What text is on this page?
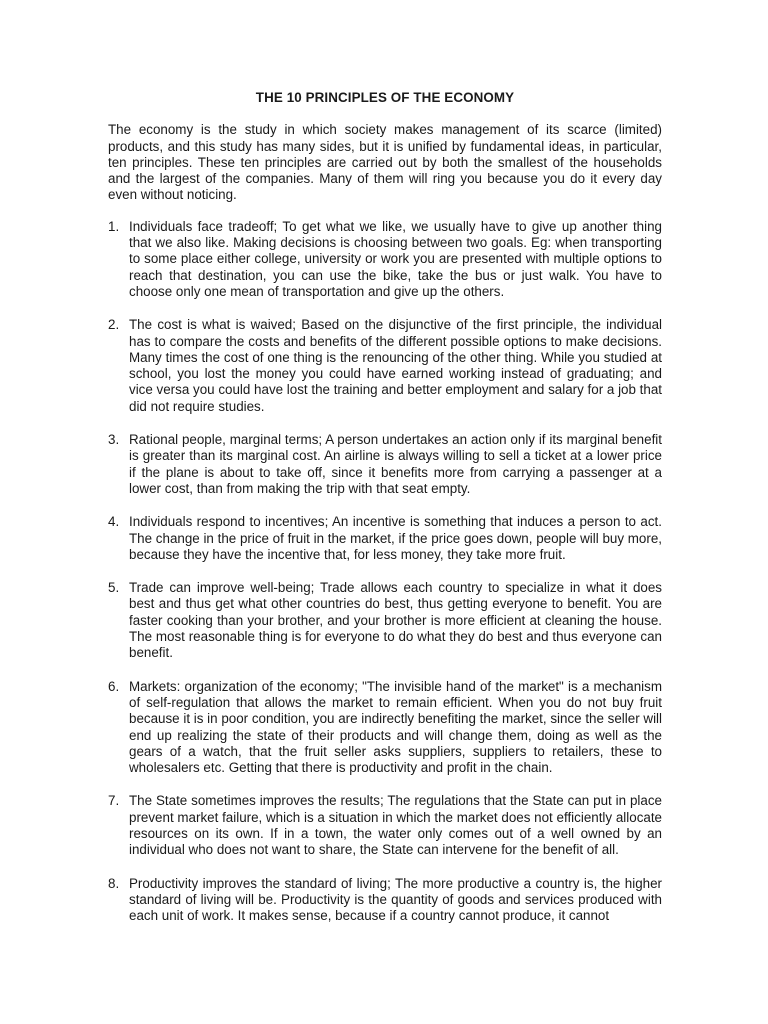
THE 10 PRINCIPLES OF THE ECONOMY
The economy is the study in which society makes management of its scarce (limited) products, and this study has many sides, but it is unified by fundamental ideas, in particular, ten principles. These ten principles are carried out by both the smallest of the households and the largest of the companies. Many of them will ring you because you do it every day even without noticing.
1. Individuals face tradeoff; To get what we like, we usually have to give up another thing that we also like. Making decisions is choosing between two goals. Eg: when transporting to some place either college, university or work you are presented with multiple options to reach that destination, you can use the bike, take the bus or just walk. You have to choose only one mean of transportation and give up the others.
2. The cost is what is waived; Based on the disjunctive of the first principle, the individual has to compare the costs and benefits of the different possible options to make decisions. Many times the cost of one thing is the renouncing of the other thing. While you studied at school, you lost the money you could have earned working instead of graduating; and vice versa you could have lost the training and better employment and salary for a job that did not require studies.
3. Rational people, marginal terms; A person undertakes an action only if its marginal benefit is greater than its marginal cost. An airline is always willing to sell a ticket at a lower price if the plane is about to take off, since it benefits more from carrying a passenger at a lower cost, than from making the trip with that seat empty.
4. Individuals respond to incentives; An incentive is something that induces a person to act. The change in the price of fruit in the market, if the price goes down, people will buy more, because they have the incentive that, for less money, they take more fruit.
5. Trade can improve well-being; Trade allows each country to specialize in what it does best and thus get what other countries do best, thus getting everyone to benefit. You are faster cooking than your brother, and your brother is more efficient at cleaning the house. The most reasonable thing is for everyone to do what they do best and thus everyone can benefit.
6. Markets: organization of the economy; "The invisible hand of the market" is a mechanism of self-regulation that allows the market to remain efficient. When you do not buy fruit because it is in poor condition, you are indirectly benefiting the market, since the seller will end up realizing the state of their products and will change them, doing as well as the gears of a watch, that the fruit seller asks suppliers, suppliers to retailers, these to wholesalers etc. Getting that there is productivity and profit in the chain.
7. The State sometimes improves the results; The regulations that the State can put in place prevent market failure, which is a situation in which the market does not efficiently allocate resources on its own. If in a town, the water only comes out of a well owned by an individual who does not want to share, the State can intervene for the benefit of all.
8. Productivity improves the standard of living; The more productive a country is, the higher standard of living will be. Productivity is the quantity of goods and services produced with each unit of work. It makes sense, because if a country cannot produce, it cannot
